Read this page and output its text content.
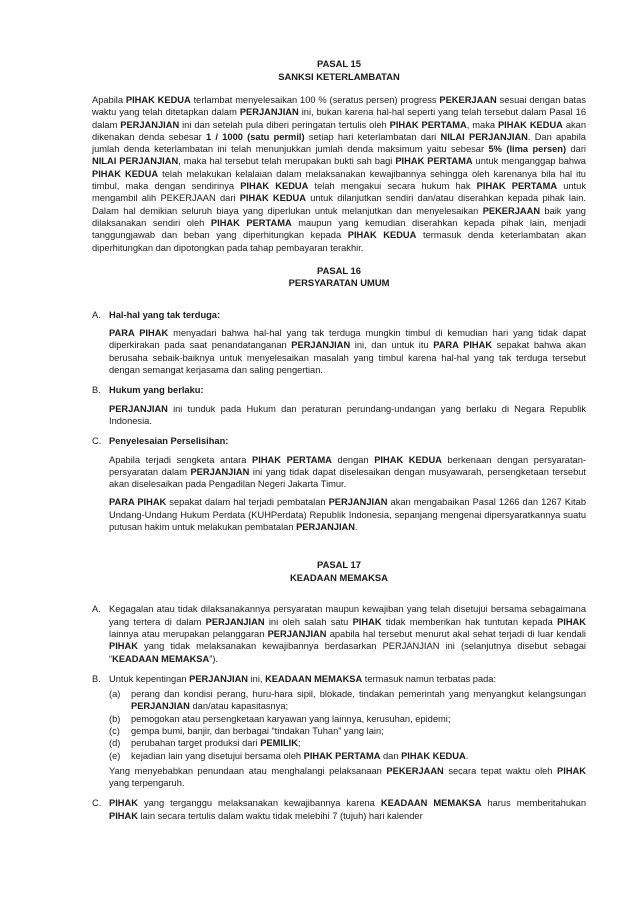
PASAL 15
SANKSI KETERLAMBATAN

Apabila PIHAK KEDUA terlambat menyelesaikan 100 % (seratus persen) progress PEKERJAAN sesuai dengan batas waktu yang telah ditetapkan dalam PERJANJIAN ini, bukan karena hal-hal seperti yang telah tersebut dalam Pasal 16 dalam PERJANJIAN ini dan setelah pula diberi peringatan tertulis oleh PIHAK PERTAMA, maka PIHAK KEDUA akan dikenakan denda sebesar 1 / 1000 (satu permil) setiap hari keterlambatan dari NILAI PERJANJIAN. Dan apabila jumlah denda keterlambatan ini telah menunjukkan jumlah denda maksimum yaitu sebesar 5% (lima persen) dari NILAI PERJANJIAN, maka hal tersebut telah merupakan bukti sah bagi PIHAK PERTAMA untuk menganggap bahwa PIHAK KEDUA telah melakukan kelalaian dalam melaksanakan kewajibannya sehingga oleh karenanya bila hal itu timbul, maka dengan sendirinya PIHAK KEDUA telah mengakui secara hukum hak PIHAK PERTAMA untuk mengambil alih PEKERJAAN dari PIHAK KEDUA untuk dilanjutkan sendiri dan/atau diserahkan kepada pihak lain. Dalam hal demikian seluruh biaya yang diperlukan untuk melanjutkan dan menyelesaikan PEKERJAAN baik yang dilaksanakan sendiri oleh PIHAK PERTAMA maupun yang kemudian diserahkan kepada pihak lain, menjadi tanggungjawab dan beban yang diperhitungkan kepada PIHAK KEDUA termasuk denda keterlambatan akan diperhitungkan dan dipotongkan pada tahap pembayaran terakhir.

PASAL 16
PERSYARATAN UMUM
A. Hal-hal yang tak terduga:

PARA PIHAK menyadari bahwa hal-hal yang tak terduga mungkin timbul di kemudian hari yang tidak dapat diperkirakan pada saat penandatanganan PERJANJIAN ini, dan untuk itu PARA PIHAK sepakat bahwa akan berusaha sebaik-baiknya untuk menyelesaikan masalah yang timbul karena hal-hal yang tak terduga tersebut dengan semangat kerjasama dan saling pengertian.

B. Hukum yang berlaku:

PERJANJIAN ini tunduk pada Hukum dan peraturan perundang-undangan yang berlaku di Negara Republik Indonesia.

C. Penyelesaian Perselisihan:

Apabila terjadi sengketa antara PIHAK PERTAMA dengan PIHAK KEDUA berkenaan dengan persyaratan-persyaratan dalam PERJANJIAN ini yang tidak dapat diselesaikan dengan musyawarah, persengketaan tersebut akan diselesaikan pada Pengadilan Negeri Jakarta Timur.

PARA PIHAK sepakat dalam hal terjadi pembatalan PERJANJIAN akan mengabaikan Pasal 1266 dan 1267 Kitab Undang-Undang Hukum Perdata (KUHPerdata) Republik Indonesia, sepanjang mengenai dipersyaratkannya suatu putusan hakim untuk melakukan pembatalan PERJANJIAN.

PASAL 17
KEADAAN MEMAKSA
A. Kegagalan atau tidak dilaksanakannya persyaratan maupun kewajiban yang telah disetujui bersama sebagaimana yang tertera di dalam PERJANJIAN ini oleh salah satu PIHAK tidak memberikan hak tuntutan kepada PIHAK lainnya atau merupakan pelanggaran PERJANJIAN apabila hal tersebut menurut akal sehat terjadi di luar kendali PIHAK yang tidak melaksanakan kewajibannya berdasarkan PERJANJIAN ini (selanjutnya disebut sebagai “KEADAAN MEMAKSA”).
B. Untuk kepentingan PERJANJIAN ini, KEADAAN MEMAKSA termasuk namun terbatas pada:
(a) perang dan kondisi perang, huru-hara sipil, blokade, tindakan pemerintah yang menyangkut kelangsungan PERJANJIAN dan/atau kapasitasnya;
(b) pemogokan atau persengketaan karyawan yang lainnya, kerusuhan, epidemi;
(c) gempa bumi, banjir, dan berbagai “tindakan Tuhan” yang lain;
(d) perubahan target produksi dari PEMILIK;
(e) kejadian lain yang disetujui bersama oleh PIHAK PERTAMA dan PIHAK KEDUA.

Yang menyebabkan penundaan atau menghalangi pelaksanaan PEKERJAAN secara tepat waktu oleh PIHAK yang terpengaruh.

C. PIHAK yang terganggu melaksanakan kewajibannya karena KEADAAN MEMAKSA harus memberitahukan PIHAK lain secara tertulis dalam waktu tidak melebihi 7 (tujuh) hari kalender
